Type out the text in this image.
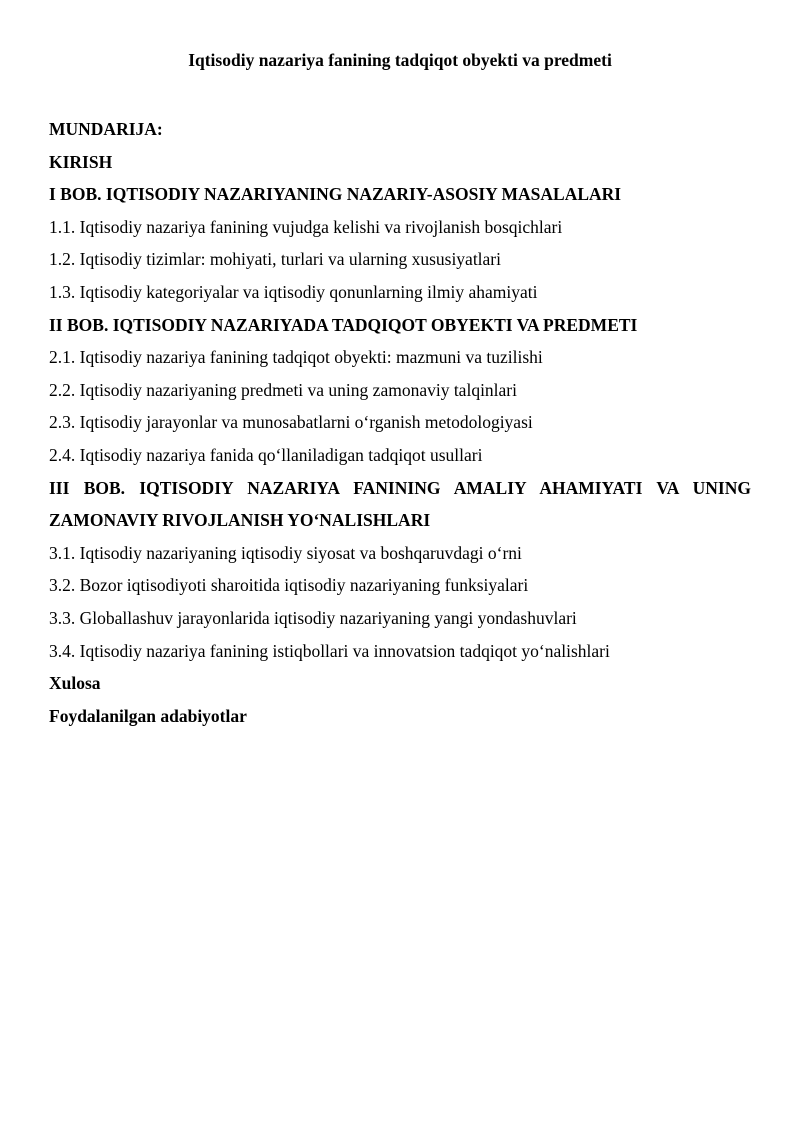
Iqtisodiy nazariya fanining tadqiqot obyekti va predmeti
MUNDARIJA:
KIRISH
I BOB. IQTISODIY NAZARIYANING NAZARIY-ASOSIY MASALALARI
1.1. Iqtisodiy nazariya fanining vujudga kelishi va rivojlanish bosqichlari
1.2. Iqtisodiy tizimlar: mohiyati, turlari va ularning xususiyatlari
1.3. Iqtisodiy kategoriyalar va iqtisodiy qonunlarning ilmiy ahamiyati
II BOB. IQTISODIY NAZARIYADA TADQIQOT OBYEKTI VA PREDMETI
2.1. Iqtisodiy nazariya fanining tadqiqot obyekti: mazmuni va tuzilishi
2.2. Iqtisodiy nazariyaning predmeti va uning zamonaviy talqinlari
2.3. Iqtisodiy jarayonlar va munosabatlarni o‘rganish metodologiyasi
2.4. Iqtisodiy nazariya fanida qo‘llaniladigan tadqiqot usullari
III BOB. IQTISODIY NAZARIYA FANINING AMALIY AHAMIYATI VA UNING
ZAMONAVIY RIVOJLANISH YO‘NALISHLARI
3.1. Iqtisodiy nazariyaning iqtisodiy siyosat va boshqaruvdagi o‘rni
3.2. Bozor iqtisodiyoti sharoitida iqtisodiy nazariyaning funksiyalari
3.3. Globallashuv jarayonlarida iqtisodiy nazariyaning yangi yondashuvlari
3.4. Iqtisodiy nazariya fanining istiqbollari va innovatsion tadqiqot yo‘nalishlari
Xulosa
Foydalanilgan adabiyotlar
